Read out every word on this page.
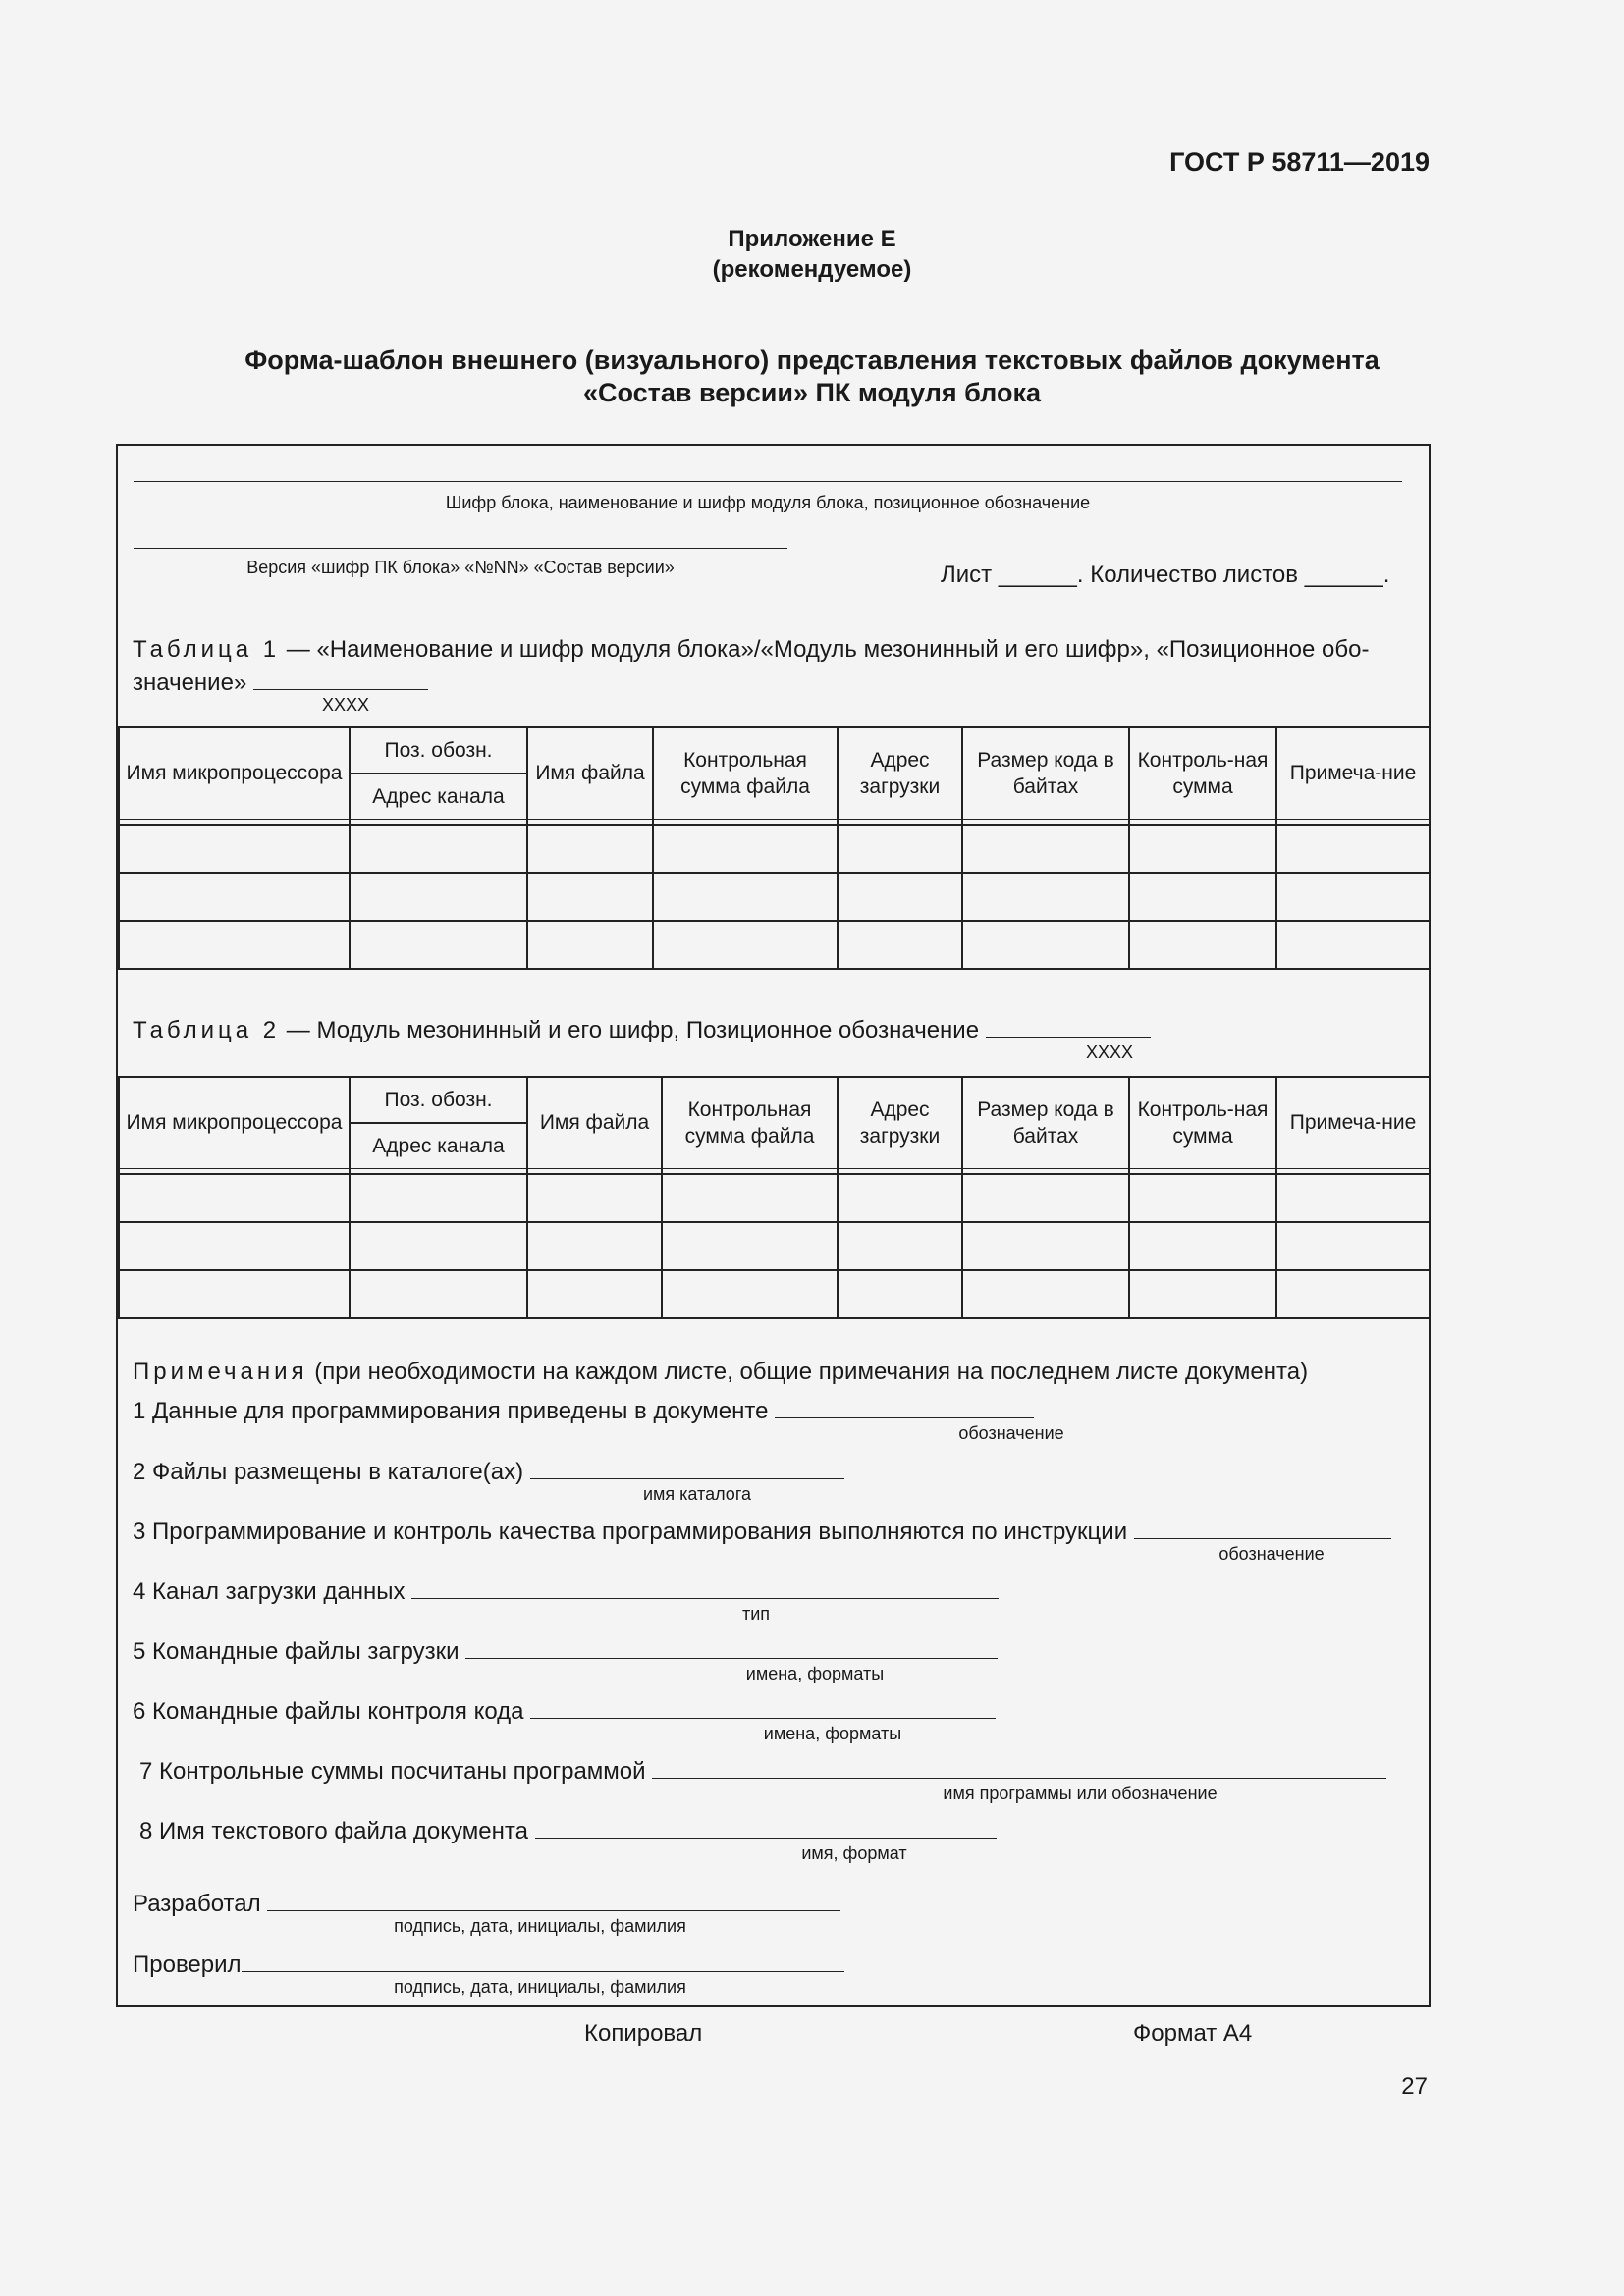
ГОСТ Р 58711—2019
Приложение Е
(рекомендуемое)
Форма-шаблон внешнего (визуального) представления текстовых файлов документа
«Состав версии» ПК модуля блока
Шифр блока, наименование и шифр модуля блока, позиционное обозначение
Версия «шифр ПК блока» «№NN» «Состав версии»	Лист ______. Количество листов ______.
Таблица 1 — «Наименование и шифр модуля блока»/«Модуль мезонинный и его шифр», «Позиционное обо-
значение»
XXXX
Имя микропроцессора	Поз. обозн.	Имя файла	Контрольная сумма файла	Адрес загрузки	Размер кода в байтах	Контроль-ная сумма	Примеча-ние
	Адрес канала						

Таблица 2 — Модуль мезонинный и его шифр, Позиционное обозначение
XXXX
Имя микропроцессора	Поз. обозн.	Имя файла	Контрольная сумма файла	Адрес загрузки	Размер кода в байтах	Контроль-ная сумма	Примеча-ние
	Адрес канала						

Примечания (при необходимости на каждом листе, общие примечания на последнем листе документа)
1 Данные для программирования приведены в документе
обозначение
2 Файлы размещены в каталоге(ах)
имя каталога
3 Программирование и контроль качества программирования выполняются по инструкции
обозначение
4 Канал загрузки данных
тип
5 Командные файлы загрузки
имена, форматы
6 Командные файлы контроля кода
имена, форматы
7 Контрольные суммы посчитаны программой
имя программы или обозначение
8 Имя текстового файла документа
имя, формат
Разработал
подпись, дата, инициалы, фамилия
Проверил
подпись, дата, инициалы, фамилия
Копировал	Формат А4
27
